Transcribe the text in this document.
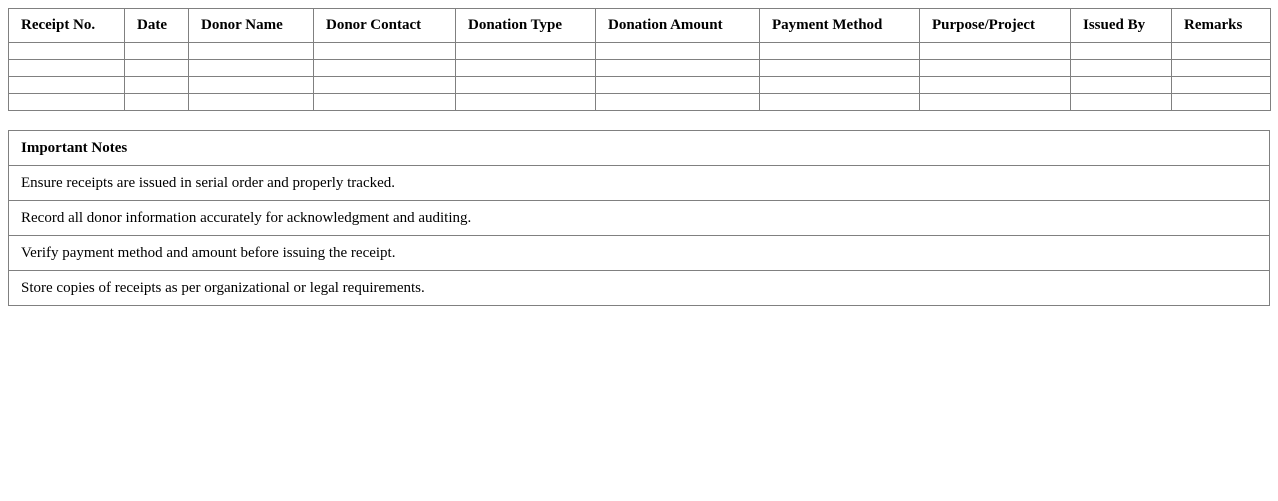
Receipt No.	Date	Donor Name	Donor Contact	Donation Type	Donation Amount	Payment Method	Purpose/Project	Issued By	Remarks

Important Notes
Ensure receipts are issued in serial order and properly tracked.
Record all donor information accurately for acknowledgment and auditing.
Verify payment method and amount before issuing the receipt.
Store copies of receipts as per organizational or legal requirements.
